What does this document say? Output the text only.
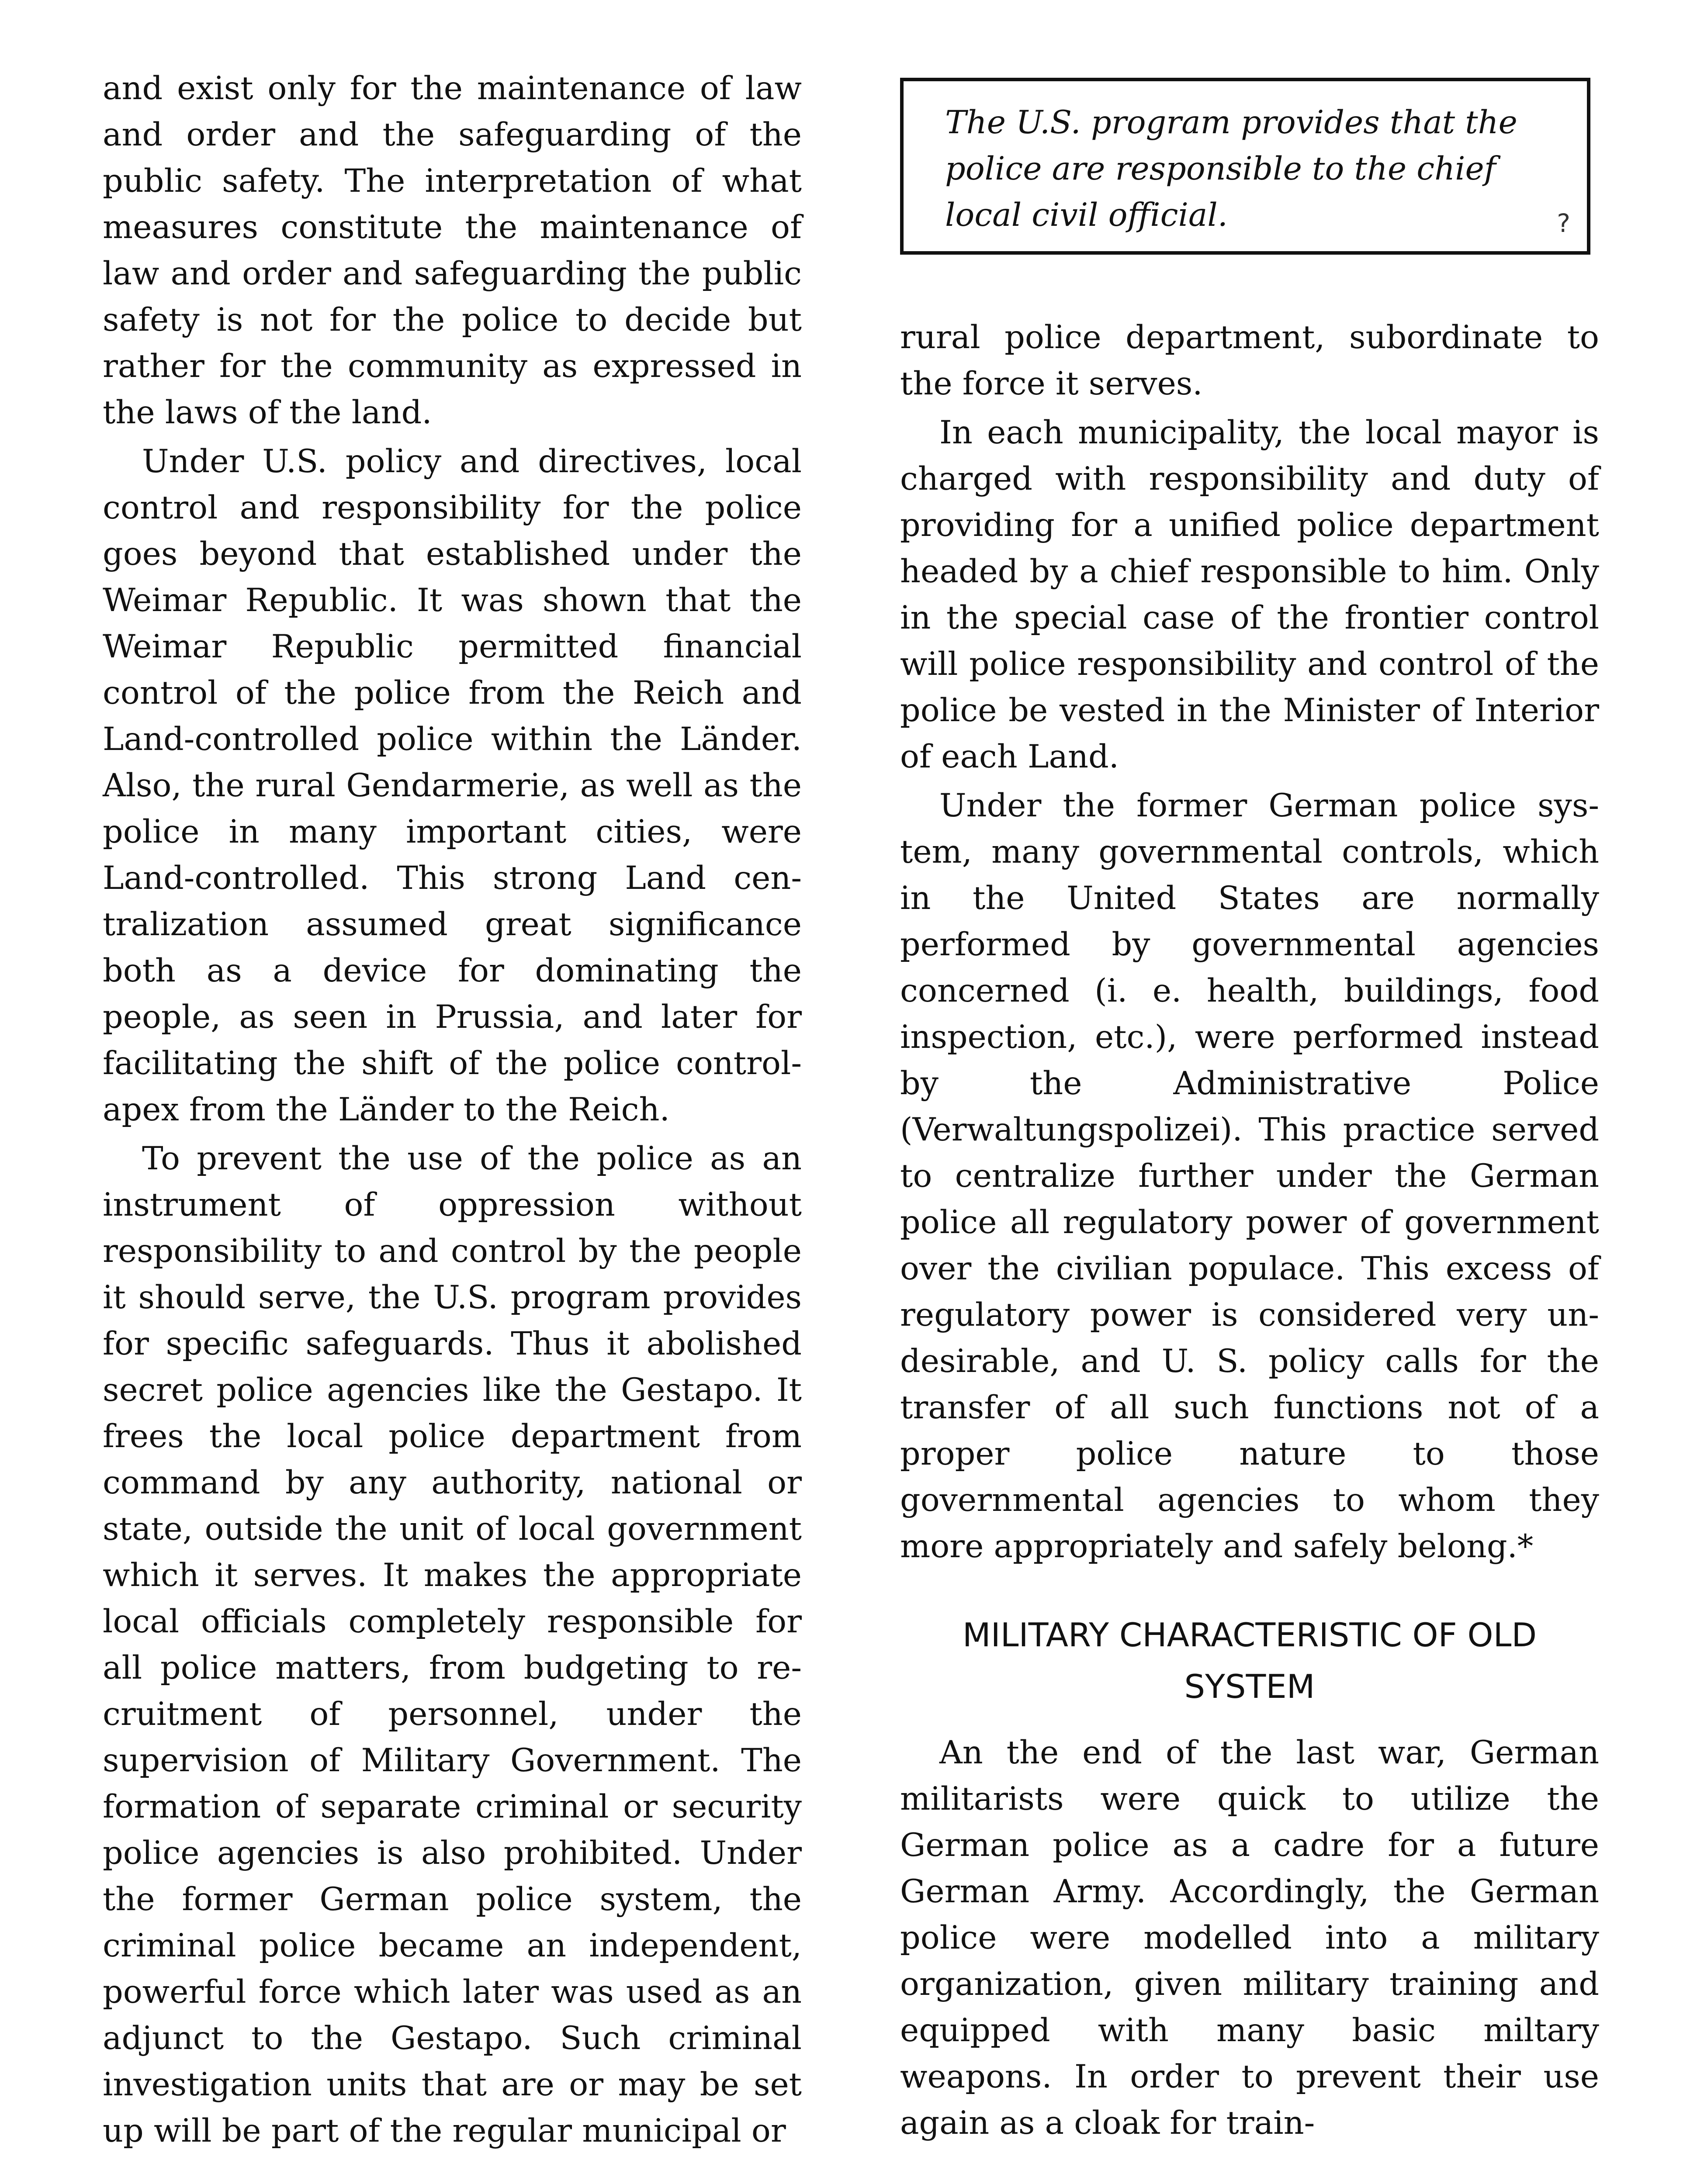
and exist only for the maintenance of law and order and the safeguarding of the public safety. The interpretation of what measures constitute the maintenance of law and order and safeguarding the public safety is not for the police to decide but rather for the community as expressed in the laws of the land.

Under U.S. policy and directives, local control and responsibility for the police goes beyond that established under the Weimar Republic. It was shown that the Weimar Republic permitted financial control of the police from the Reich and Land-controlled police within the Länder. Also, the rural Gendarmerie, as well as the police in many important cities, were Land-controlled. This strong Land centralization assumed great significance both as a device for dominating the people, as seen in Prussia, and later for facilitating the shift of the police control-apex from the Länder to the Reich.

To prevent the use of the police as an instrument of oppression without responsibility to and control by the people it should serve, the U.S. program provides for specific safeguards. Thus it abolished secret police agencies like the Gestapo. It frees the local police department from command by any authority, national or state, outside the unit of local government which it serves. It makes the appropriate local officials completely responsible for all police matters, from budgeting to recruitment of personnel, under the supervision of Military Government. The formation of separate criminal or security police agencies is also prohibited. Under the former German police system, the criminal police became an independent, powerful force which later was used as an adjunct to the Gestapo. Such criminal investigation units that are or may be set up will be part of the regular municipal or

The U.S. program provides that the police are responsible to the chief local civil official.	?

rural police department, subordinate to the force it serves.

In each municipality, the local mayor is charged with responsibility and duty of providing for a unified police department headed by a chief responsible to him. Only in the special case of the frontier control will police responsibility and control of the police be vested in the Minister of Interior of each Land.

Under the former German police system, many governmental controls, which in the United States are normally performed by governmental agencies concerned (i. e. health, buildings, food inspection, etc.), were performed instead by the Administrative Police (Verwaltungspolizei). This practice served to centralize further under the German police all regulatory power of government over the civilian populace. This excess of regulatory power is considered very undesirable, and U. S. policy calls for the transfer of all such functions not of a proper police nature to those governmental agencies to whom they more appropriately and safely belong.*

MILITARY CHARACTERISTIC OF OLD
SYSTEM

An the end of the last war, German militarists were quick to utilize the German police as a cadre for a future German Army. Accordingly, the German police were modelled into a military organization, given military training and equipped with many basic miltary weapons. In order to prevent their use again as a cloak for train-
